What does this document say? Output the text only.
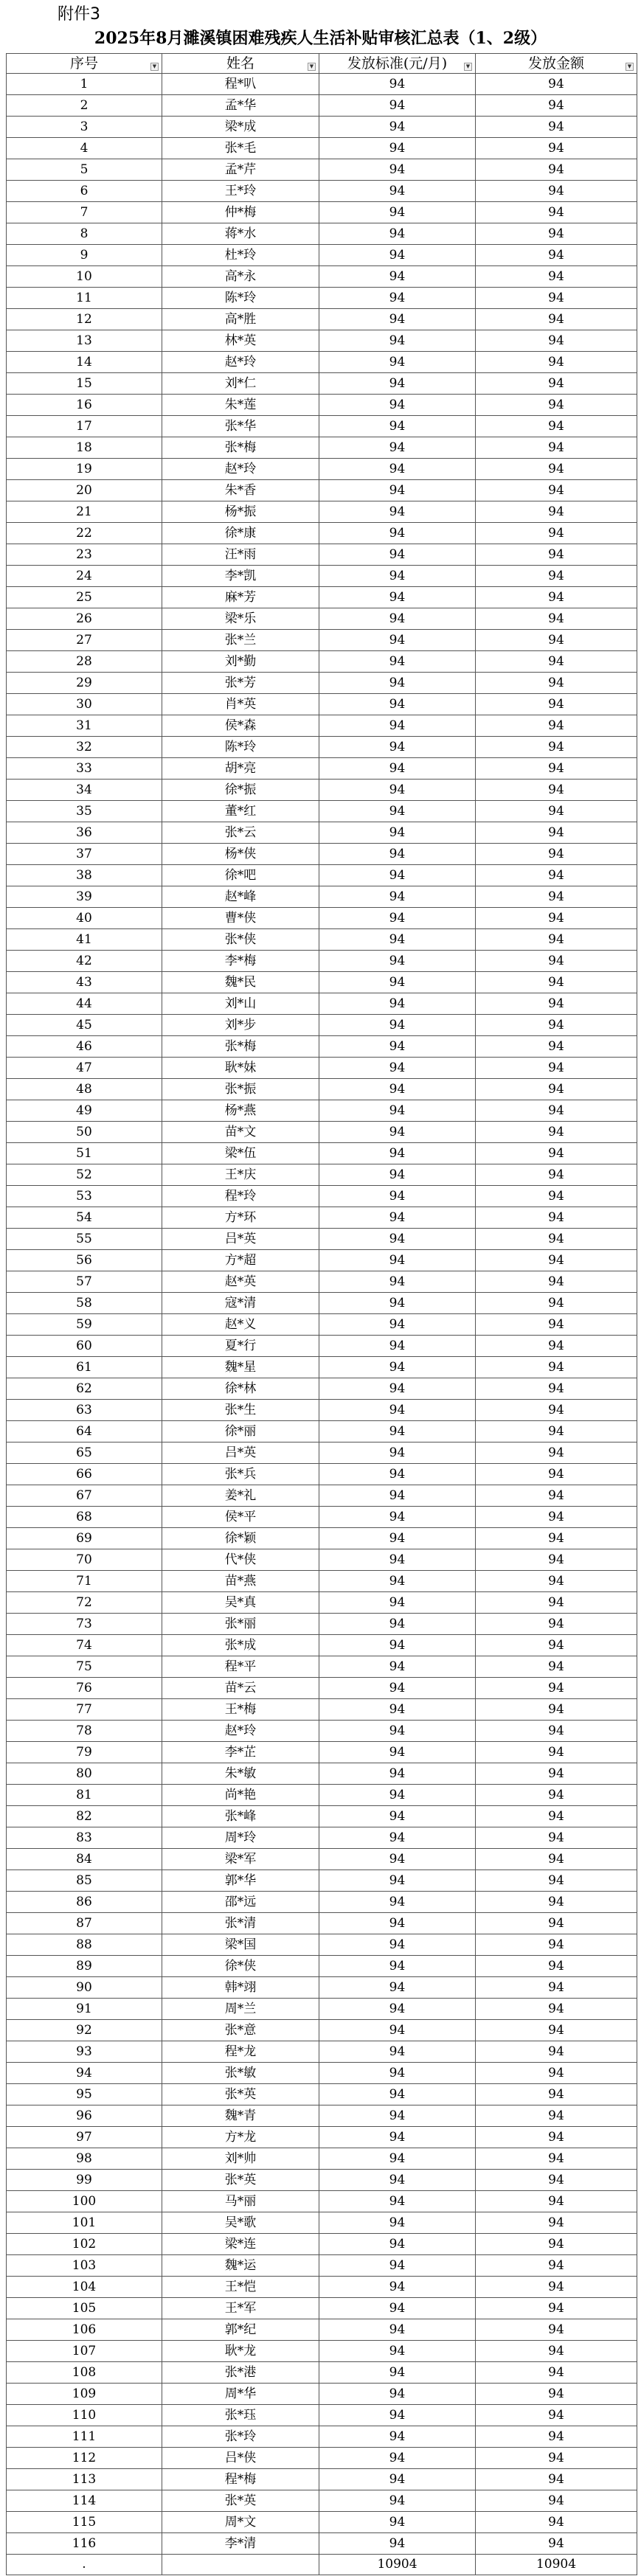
附件3
2025年8月濉溪镇困难残疾人生活补贴审核汇总表（1、2级）
序号 ▼	姓名 ▼	发放标准(元/月) ▼	发放金额 ▼

1	程*叭	94	94
2	孟*华	94	94
3	梁*成	94	94
4	张*毛	94	94
5	孟*芹	94	94
6	王*玲	94	94
7	仲*梅	94	94
8	蒋*水	94	94
9	杜*玲	94	94
10	高*永	94	94
11	陈*玲	94	94
12	高*胜	94	94
13	林*英	94	94
14	赵*玲	94	94
15	刘*仁	94	94
16	朱*莲	94	94
17	张*华	94	94
18	张*梅	94	94
19	赵*玲	94	94
20	朱*香	94	94
21	杨*振	94	94
22	徐*康	94	94
23	汪*雨	94	94
24	李*凯	94	94
25	麻*芳	94	94
26	梁*乐	94	94
27	张*兰	94	94
28	刘*勤	94	94
29	张*芳	94	94
30	肖*英	94	94
31	侯*森	94	94
32	陈*玲	94	94
33	胡*亮	94	94
34	徐*振	94	94
35	董*红	94	94
36	张*云	94	94
37	杨*侠	94	94
38	徐*吧	94	94
39	赵*峰	94	94
40	曹*侠	94	94
41	张*侠	94	94
42	李*梅	94	94
43	魏*民	94	94
44	刘*山	94	94
45	刘*步	94	94
46	张*梅	94	94
47	耿*妹	94	94
48	张*振	94	94
49	杨*燕	94	94
50	苗*文	94	94
51	梁*伍	94	94
52	王*庆	94	94
53	程*玲	94	94
54	方*环	94	94
55	吕*英	94	94
56	方*超	94	94
57	赵*英	94	94
58	寇*清	94	94
59	赵*义	94	94
60	夏*行	94	94
61	魏*星	94	94
62	徐*林	94	94
63	张*生	94	94
64	徐*丽	94	94
65	吕*英	94	94
66	张*兵	94	94
67	姜*礼	94	94
68	侯*平	94	94
69	徐*颖	94	94
70	代*侠	94	94
71	苗*燕	94	94
72	吴*真	94	94
73	张*丽	94	94
74	张*成	94	94
75	程*平	94	94
76	苗*云	94	94
77	王*梅	94	94
78	赵*玲	94	94
79	李*芷	94	94
80	朱*敏	94	94
81	尚*艳	94	94
82	张*峰	94	94
83	周*玲	94	94
84	梁*军	94	94
85	郭*华	94	94
86	邵*远	94	94
87	张*清	94	94
88	梁*国	94	94
89	徐*侠	94	94
90	韩*翊	94	94
91	周*兰	94	94
92	张*意	94	94
93	程*龙	94	94
94	张*敏	94	94
95	张*英	94	94
96	魏*青	94	94
97	方*龙	94	94
98	刘*帅	94	94
99	张*英	94	94
100	马*丽	94	94
101	吴*歌	94	94
102	梁*连	94	94
103	魏*运	94	94
104	王*恺	94	94
105	王*军	94	94
106	郭*纪	94	94
107	耿*龙	94	94
108	张*港	94	94
109	周*华	94	94
110	张*珏	94	94
111	张*玲	94	94
112	吕*侠	94	94
113	程*梅	94	94
114	张*英	94	94
115	周*文	94	94
116	李*清	94	94
.		10904	10904
